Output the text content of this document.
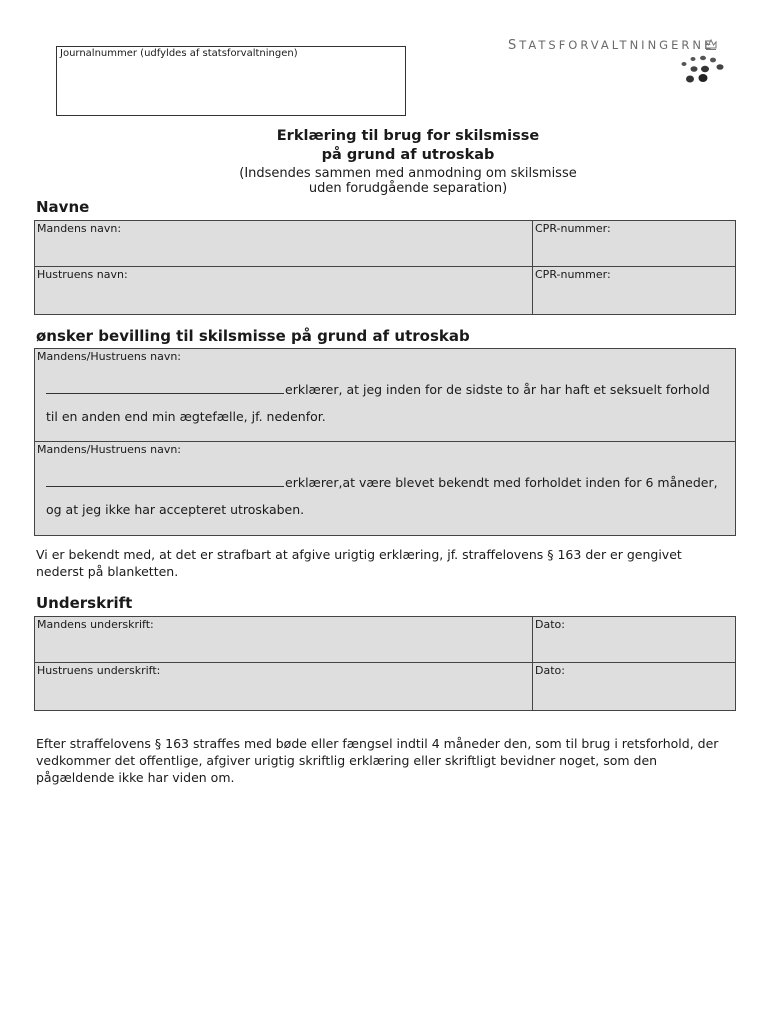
Journalnummer (udfyldes af statsforvaltningen)
STATSFORVALTNINGERNE
Erklæring til brug for skilsmisse
på grund af utroskab
(Indsendes sammen med anmodning om skilsmisse
uden forudgående separation)
Navne
Mandens navn:	CPR-nummer:
Hustruens navn:	CPR-nummer:
ønsker bevilling til skilsmisse på grund af utroskab
Mandens/Hustruens navn:
erklærer, at jeg inden for de sidste to år har haft et seksuelt forhold
til en anden end min ægtefælle, jf. nedenfor.
Mandens/Hustruens navn:
erklærer,at være blevet bekendt med forholdet inden for 6 måneder,
og at jeg ikke har accepteret utroskaben.
Vi er bekendt med, at det er strafbart at afgive urigtig erklæring, jf. straffelovens § 163 der er gengivet
nederst på blanketten.
Underskrift
Mandens underskrift:	Dato:
Hustruens underskrift:	Dato:
Efter straffelovens § 163 straffes med bøde eller fængsel indtil 4 måneder den, som til brug i retsforhold, der
vedkommer det offentlige, afgiver urigtig skriftlig erklæring eller skriftligt bevidner noget, som den
pågældende ikke har viden om.
